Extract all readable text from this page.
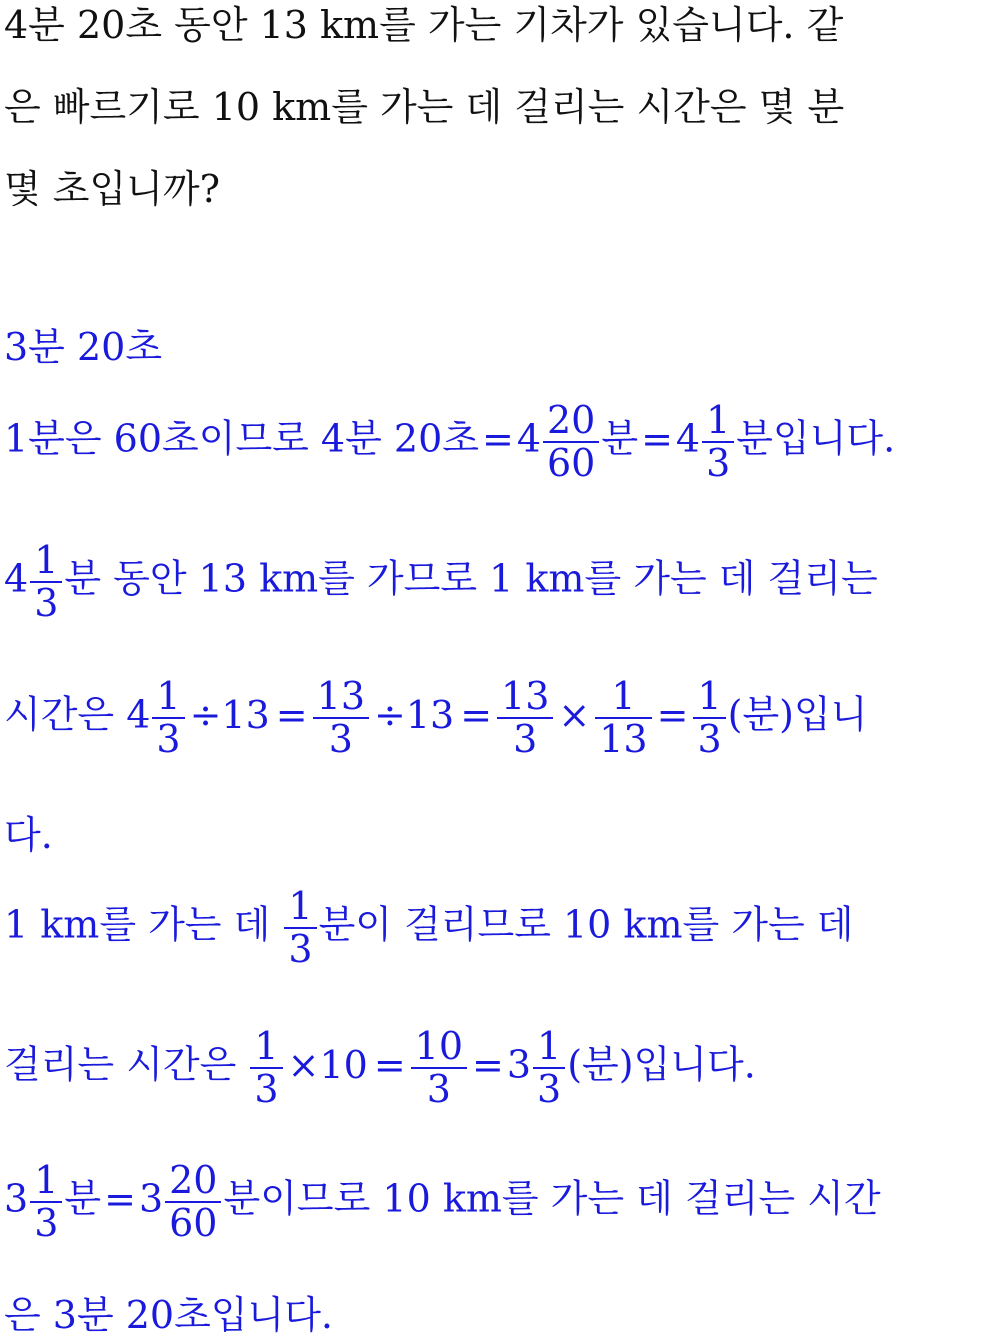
4분 20초 동안 13 km를 가는 기차가 있습니다. 같
은 빠르기로 10 km를 가는 데 걸리는 시간은 몇 분
몇 초입니까?
3분 20초
1분은 60초이므로 4분 20초$=4 \frac{20}{60}$ 분$=4 \frac{1}{3}$ 분입니다.
$4 \frac{1}{3}$ 분 동안 13 km를 가므로 1 km를 가는 데 걸리는
시간은 $4 \frac{1}{3} \div 13 = \frac{13}{3} \div 13 = \frac{13}{3} \times \frac{1}{13} = \frac{1}{3}$ (분)입니
다.
1 km를 가는 데 $\frac{1}{3}$ 분이 걸리므로 10 km를 가는 데
걸리는 시간은 $\frac{1}{3} \times 10 = \frac{10}{3} =3 \frac{1}{3}$ (분)입니다.
$3 \frac{1}{3}$ 분$=3 \frac{20}{60}$ 분이므로 10 km를 가는 데 걸리는 시간
은 3분 20초입니다.
